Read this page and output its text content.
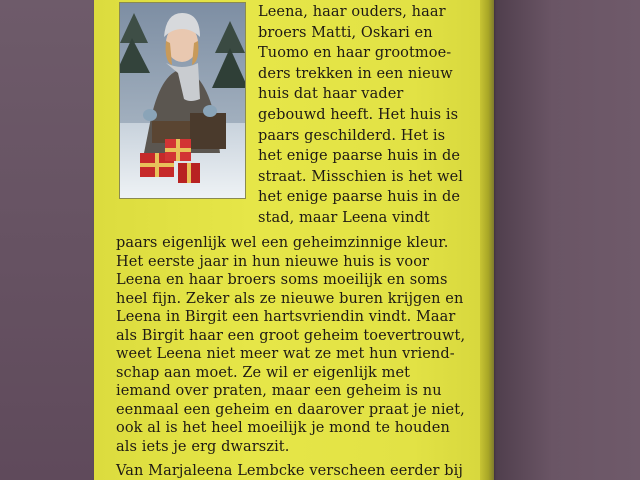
Leena, haar ouders, haar
broers Matti, Oskari en
Tuomo en haar grootmoe-
ders trekken in een nieuw
huis dat haar vader
gebouwd heeft. Het huis is
paars geschilderd. Het is
het enige paarse huis in de
straat. Misschien is het wel
het enige paarse huis in de
stad, maar Leena vindt
paars eigenlijk wel een geheimzinnige kleur.
Het eerste jaar in hun nieuwe huis is voor
Leena en haar broers soms moeilijk en soms
heel fijn. Zeker als ze nieuwe buren krijgen en
Leena in Birgit een hartsvriendin vindt. Maar
als Birgit haar een groot geheim toevertrouwt,
weet Leena niet meer wat ze met hun vriend-
schap aan moet. Ze wil er eigenlijk met
iemand over praten, maar een geheim is nu
eenmaal een geheim en daarover praat je niet,
ook al is het heel moeilijk je mond te houden
als iets je erg dwarszit.
Van Marjaleena Lembcke verscheen eerder bij
